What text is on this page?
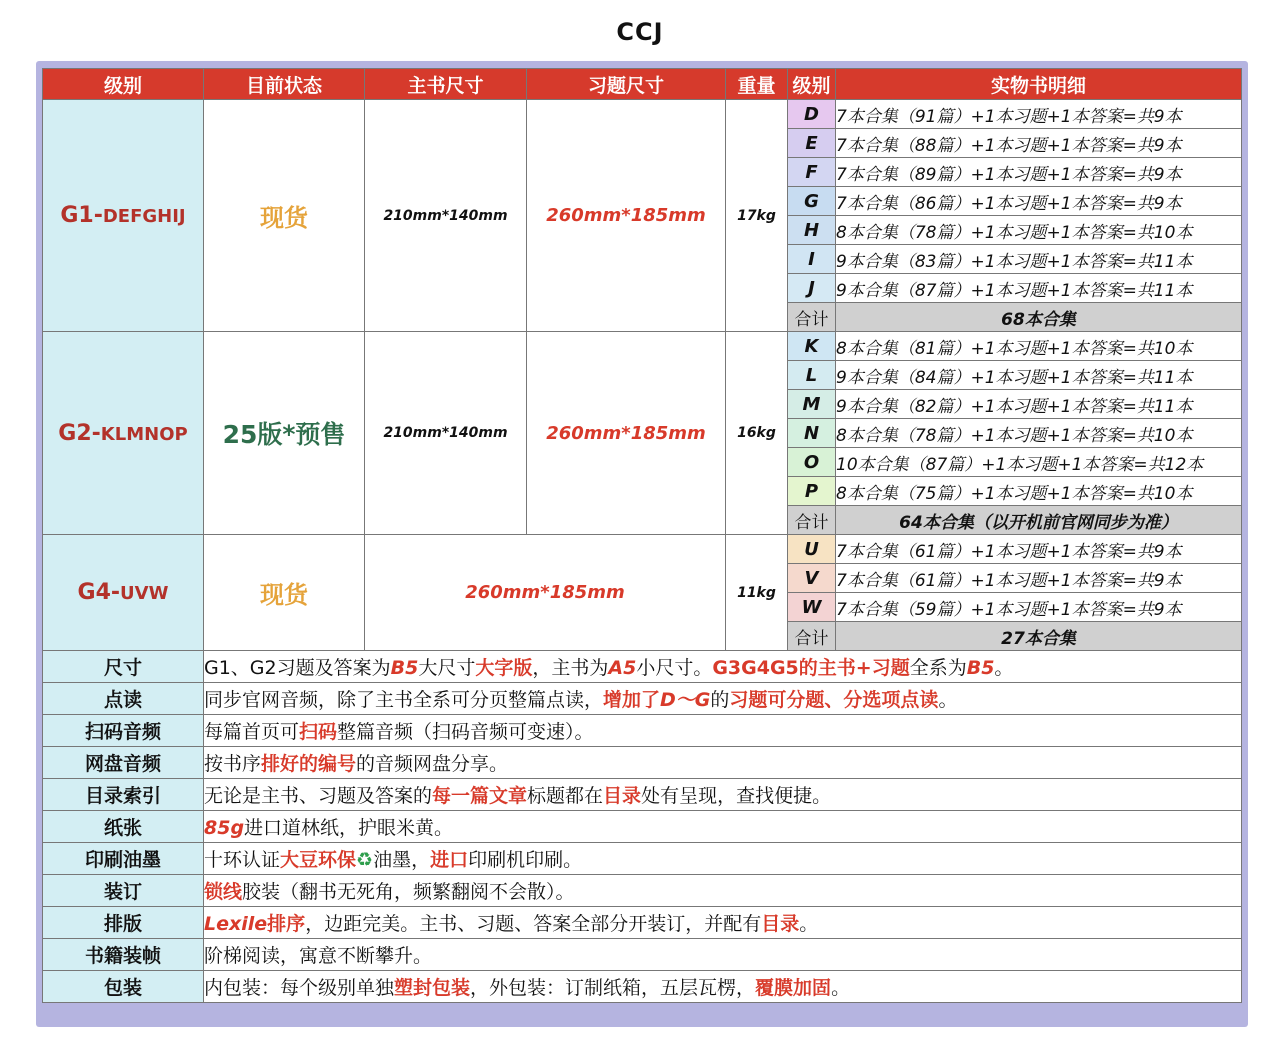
CCJ
级别	目前状态	主书尺寸	习题尺寸	重量	级别	实物书明细
G1-DEFGHIJ	现货	210mm*140mm	260mm*185mm	17kg	D	7本合集（91篇）+1本习题+1本答案=共9本
					E	7本合集（88篇）+1本习题+1本答案=共9本
					F	7本合集（89篇）+1本习题+1本答案=共9本
					G	7本合集（86篇）+1本习题+1本答案=共9本
					H	8本合集（78篇）+1本习题+1本答案=共10本
					I	9本合集（83篇）+1本习题+1本答案=共11本
					J	9本合集（87篇）+1本习题+1本答案=共11本
					合计	68本合集
G2-KLMNOP	25版*预售	210mm*140mm	260mm*185mm	16kg	K	8本合集（81篇）+1本习题+1本答案=共10本
					L	9本合集（84篇）+1本习题+1本答案=共11本
					M	9本合集（82篇）+1本习题+1本答案=共11本
					N	8本合集（78篇）+1本习题+1本答案=共10本
					O	10本合集（87篇）+1本习题+1本答案=共12本
					P	8本合集（75篇）+1本习题+1本答案=共10本
					合计	64本合集（以开机前官网同步为准）
G4-UVW	现货	260mm*185mm		11kg	U	7本合集（61篇）+1本习题+1本答案=共9本
					V	7本合集（61篇）+1本习题+1本答案=共9本
					W	7本合集（59篇）+1本习题+1本答案=共9本
					合计	27本合集
尺寸	G1、G2习题及答案为B5大尺寸大字版，主书为A5小尺寸。G3G4G5的主书+习题全系为B5。					
点读	同步官网音频，除了主书全系可分页整篇点读，增加了D～G的习题可分题、分选项点读。					
扫码音频	每篇首页可扫码整篇音频（扫码音频可变速）。					
网盘音频	按书序排好的编号的音频网盘分享。					
目录索引	无论是主书、习题及答案的每一篇文章标题都在目录处有呈现，查找便捷。					
纸张	85g进口道林纸，护眼米黄。					
印刷油墨	十环认证大豆环保♻油墨，进口印刷机印刷。					
装订	锁线胶装（翻书无死角，频繁翻阅不会散）。					
排版	Lexile排序，边距完美。主书、习题、答案全部分开装订，并配有目录。					
书籍装帧	阶梯阅读，寓意不断攀升。					
包装	内包装：每个级别单独塑封包装，外包装：订制纸箱，五层瓦楞，覆膜加固。					
